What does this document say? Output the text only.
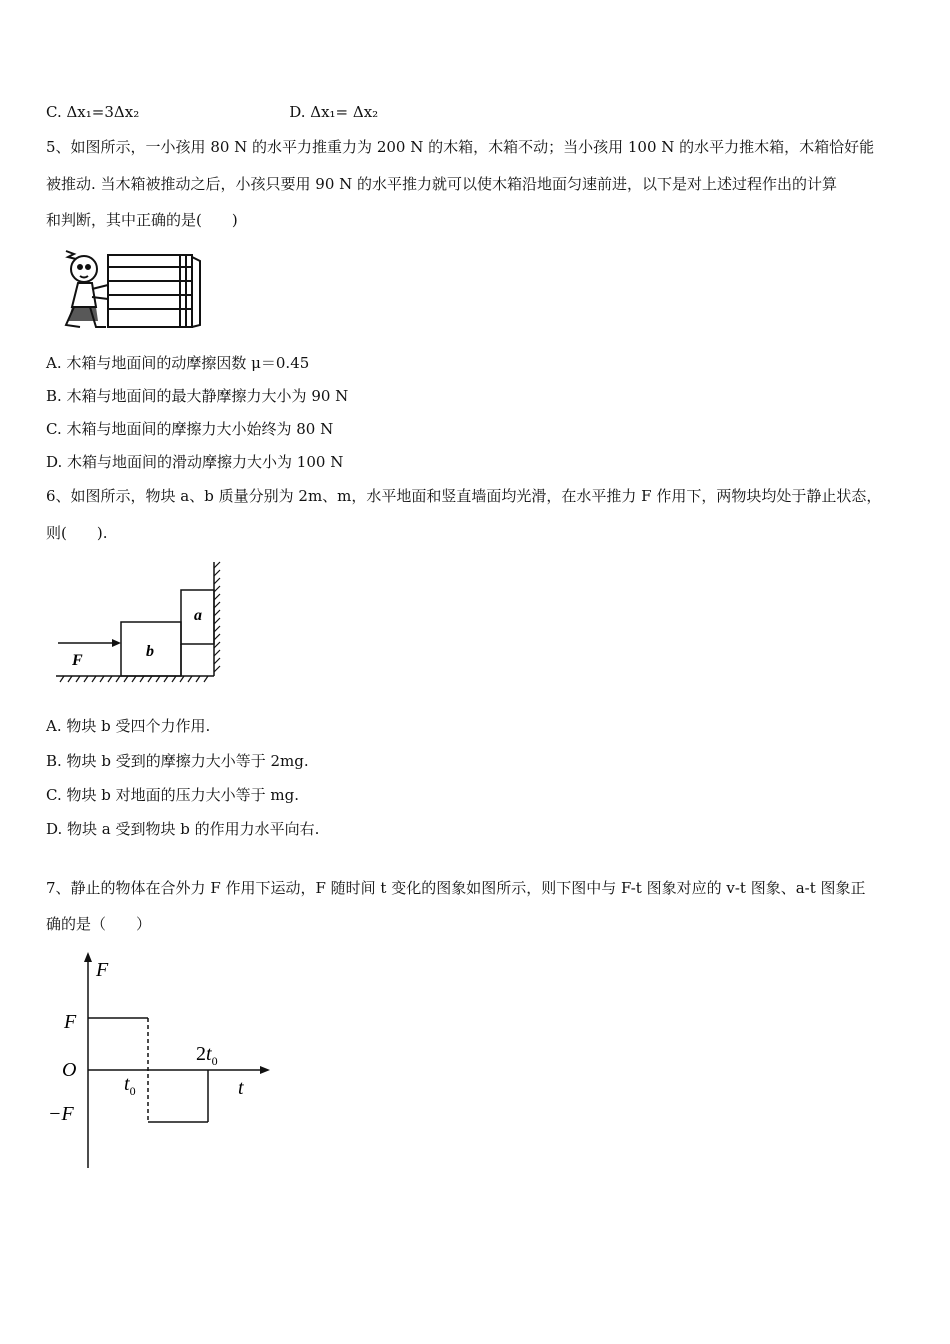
C. Δx₁=3Δx₂	D. Δx₁= Δx₂
5、如图所示，一小孩用 80 N 的水平力推重力为 200 N 的木箱，木箱不动；当小孩用 100 N 的水平力推木箱，木箱恰好能
被推动. 当木箱被推动之后，小孩只要用 90 N 的水平推力就可以使木箱沿地面匀速前进，以下是对上述过程作出的计算
和判断，其中正确的是(　　)
A. 木箱与地面间的动摩擦因数 μ＝0.45
B. 木箱与地面间的最大静摩擦力大小为 90 N
C. 木箱与地面间的摩擦力大小始终为 80 N
D. 木箱与地面间的滑动摩擦力大小为 100 N
6、如图所示，物块 a、b 质量分别为 2m、m，水平地面和竖直墙面均光滑，在水平推力 F 作用下，两物块均处于静止状态，
则(　　).
a
b
F
A. 物块 b 受四个力作用.
B. 物块 b 受到的摩擦力大小等于 2mg.
C. 物块 b 对地面的压力大小等于 mg.
D. 物块 a 受到物块 b 的作用力水平向右.
7、静止的物体在合外力 F 作用下运动，F 随时间 t 变化的图象如图所示，则下图中与 F-t 图象对应的 v-t 图象、a-t 图象正
确的是（　　）
F
t
O
F
−F
$t_0$
$2t_0$
